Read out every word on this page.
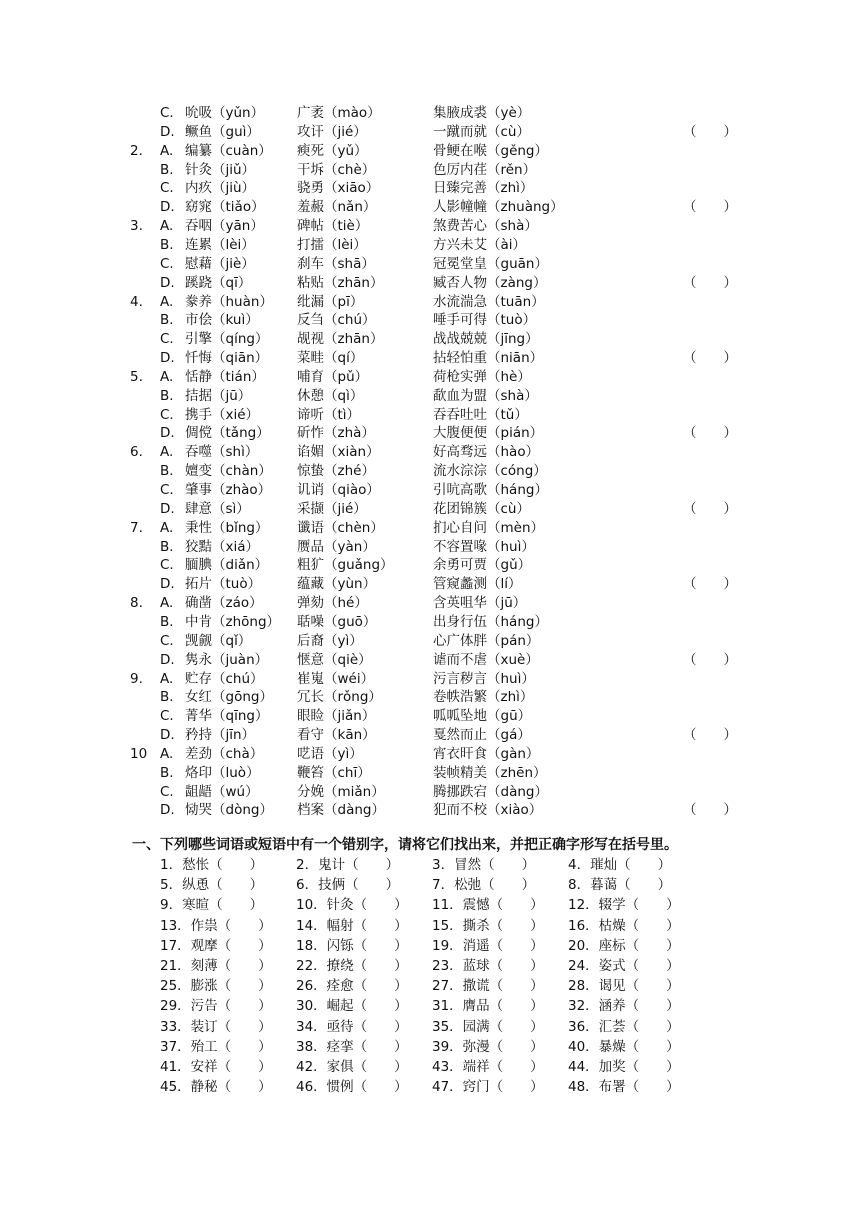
C. 吮吸（yǔn） 广袤（mào）	集腋成裘（yè）
D. 鳜鱼（guì）	攻讦（jié）	一蹴而就（cù）	（　　）
2. A. 编纂（cuàn） 瘐死（yǔ）	骨鲠在喉（gěng）
B. 针灸（jiǔ）	干坼（chè）	色厉内荏（rěn）
C. 内疚（jiù）	骁勇（xiāo）	日臻完善（zhì）
D. 窈窕（tiǎo） 羞赧（nǎn）	人影幢幢（zhuàng）	（　　）
3. A. 吞咽（yān） 碑帖（tiè）	煞费苦心（shà）
B. 连累（lèi）	打擂（lèi）	方兴未艾（ài）
C. 慰藉（jiè）	刹车（shā）	冠冕堂皇（guān）
D. 蹊跷（qī）	粘贴（zhān）	臧否人物（zàng）	（　　）
4. A. 豢养（huàn） 纰漏（pī）	水流湍急（tuān）
B. 市侩（kuì）	反刍（chú）	唾手可得（tuò）
C. 引擎（qíng） 觇视（zhān）	战战兢兢（jīng）
D. 忏悔（qiān） 菜畦（qí）	拈轻怕重（niān）	（　　）
5. A. 恬静（tián） 哺育（pǔ）	荷枪实弹（hè）
B. 拮据（jū）	休憩（qì）	歃血为盟（shà）
C. 携手（xié）	谛听（tì）	吞吞吐吐（tǔ）
D. 倜傥（tǎng） 斫怍（zhà）	大腹便便（pián）	（　　）
6. A. 吞噬（shì）	谄媚（xiàn）	好高骛远（hào）
B. 嬗变（chàn） 惊蛰（zhé）	流水淙淙（cóng）
C. 肇事（zhào） 讥诮（qiào）	引吭高歌（háng）
D. 肆意（sì）	采撷（jié）	花团锦簇（cù）	（　　）
7. A. 秉性（bǐng） 谶语（chèn）	扪心自问（mèn）
B. 狡黠（xiá）	赝品（yàn）	不容置喙（huì）
C. 腼腆（diǎn） 粗犷（guǎng）	余勇可贾（gǔ）
D. 拓片（tuò）	蕴藏（yùn）	管窥蠡测（lí）	（　　）
8. A. 确凿（záo）	弹劾（hé）	含英咀华（jū）
B. 中肯（zhōng） 聒噪（guō）	出身行伍（háng）
C. 觊觎（qǐ）	后裔（yì）	心广体胖（pán）
D. 隽永（juàn） 惬意（qiè）	谑而不虐（xuè）	（　　）
9. A. 贮存（chú） 崔嵬（wéi）	污言秽言（huì）
B. 女红（gōng） 冗长（rǒng）	卷帙浩繁（zhì）
C. 菁华（qīng） 眼睑（jiǎn）	呱呱坠地（gū）
D. 矜持（jīn）	看守（kān）	戛然而止（gá）	（　　）
10 A. 差劲（chà） 呓语（yì）	宵衣旰食（gàn）
B. 烙印（luò）	鞭笞（chī）	装帧精美（zhēn）
C. 龃龉（wú）	分娩（miǎn）	腾挪跌宕（dàng）
D. 恸哭（dòng） 档案（dàng）	犯而不校（xiào）	（　　）
一、下列哪些词语或短语中有一个错别字，请将它们找出来，并把正确字形写在括号里。
1．愁怅（　　） 2．鬼计（　　） 3．冒然（　　） 4．璀灿（　　）
5．纵恿（　　） 6．技俩（　　） 7．松弛（　　） 8．暮蔼（　　）
9．寒暄（　　） 10．针灸（　　） 11．震憾（　　） 12．辍学（　　）
13．作祟（　　） 14．幅射（　　） 15．撕杀（　　） 16．枯燥（　　）
17．观摩（　　） 18．闪铄（　　） 19．消遥（　　） 20．座标（　　）
21．刻薄（　　） 22．撩绕（　　） 23．蓝球（　　） 24．姿式（　　）
25．膨涨（　　） 26．痊愈（　　） 27．撒谎（　　） 28．谒见（　　）
29．污告（　　） 30．崛起（　　） 31．膺品（　　） 32．涵养（　　）
33．装订（　　） 34．亟待（　　） 35．园满（　　） 36．汇荟（　　）
37．殆工（　　） 38．痉挛（　　） 39．弥漫（　　） 40．暴燥（　　）
41．安祥（　　） 42．家俱（　　） 43．端祥（　　） 44．加奖（　　）
45．静秘（　　） 46．惯例（　　） 47．窍门（　　） 48．布署（　　）
